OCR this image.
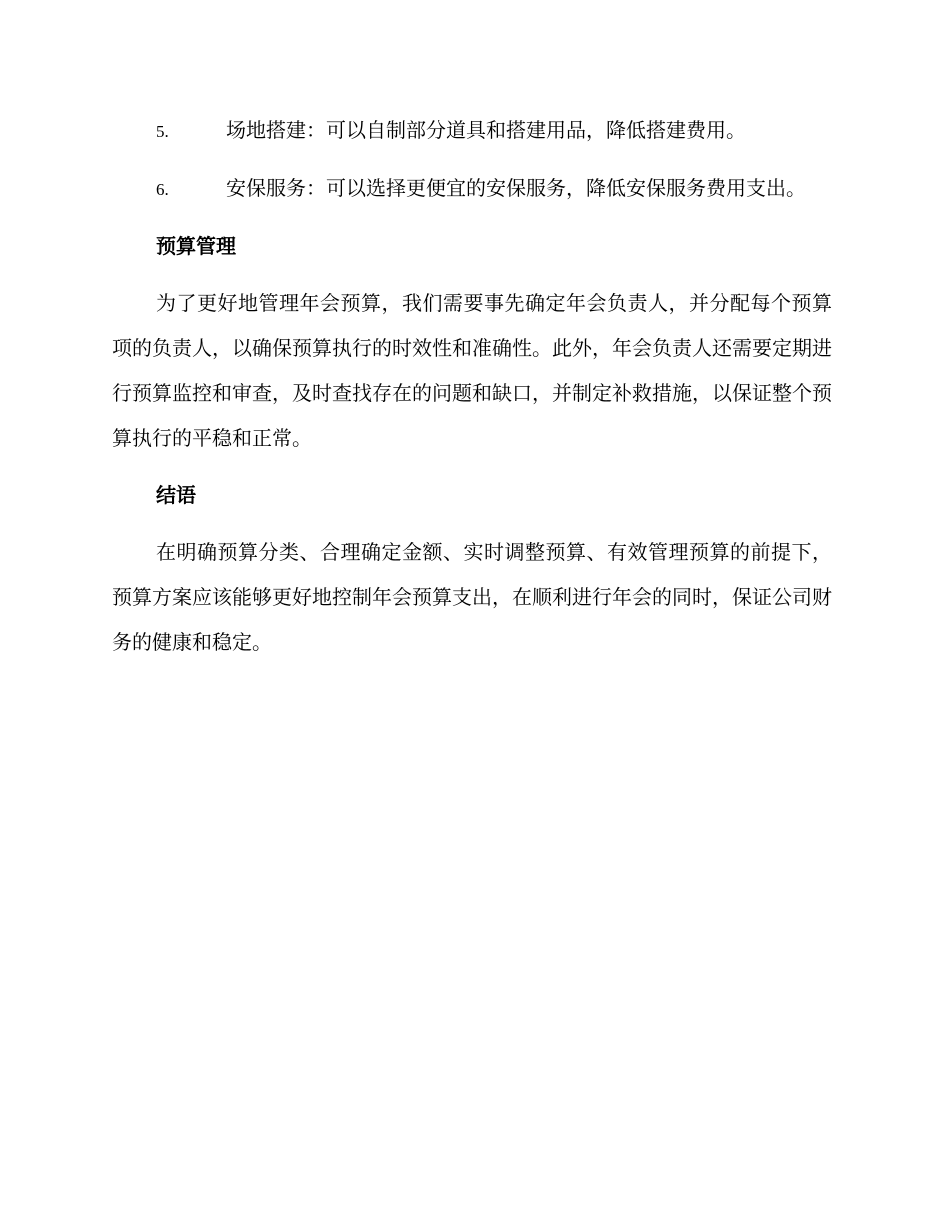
5.	场地搭建：可以自制部分道具和搭建用品，降低搭建费用。

6.	安保服务：可以选择更便宜的安保服务，降低安保服务费用支出。

预算管理

为了更好地管理年会预算，我们需要事先确定年会负责人，并分配每个预算项的负责人，以确保预算执行的时效性和准确性。此外，年会负责人还需要定期进行预算监控和审查，及时查找存在的问题和缺口，并制定补救措施，以保证整个预算执行的平稳和正常。

结语

在明确预算分类、合理确定金额、实时调整预算、有效管理预算的前提下，预算方案应该能够更好地控制年会预算支出，在顺利进行年会的同时，保证公司财务的健康和稳定。
